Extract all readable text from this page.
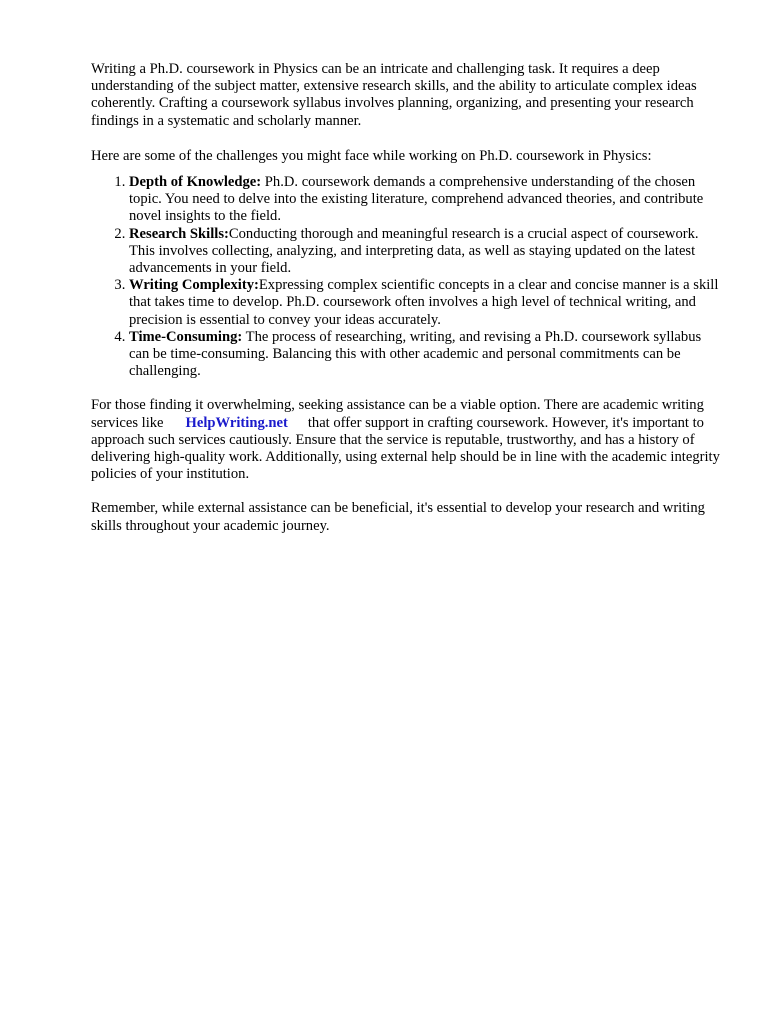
Writing a Ph.D. coursework in Physics can be an intricate and challenging task. It requires a deep understanding of the subject matter, extensive research skills, and the ability to articulate complex ideas coherently. Crafting a coursework syllabus involves planning, organizing, and presenting your research findings in a systematic and scholarly manner.

Here are some of the challenges you might face while working on Ph.D. coursework in Physics:

1. Depth of Knowledge: Ph.D. coursework demands a comprehensive understanding of the chosen topic. You need to delve into the existing literature, comprehend advanced theories, and contribute novel insights to the field.
2. Research Skills:Conducting thorough and meaningful research is a crucial aspect of coursework. This involves collecting, analyzing, and interpreting data, as well as staying updated on the latest advancements in your field.
3. Writing Complexity:Expressing complex scientific concepts in a clear and concise manner is a skill that takes time to develop. Ph.D. coursework often involves a high level of technical writing, and precision is essential to convey your ideas accurately.
4. Time-Consuming: The process of researching, writing, and revising a Ph.D. coursework syllabus can be time-consuming. Balancing this with other academic and personal commitments can be challenging.

For those finding it overwhelming, seeking assistance can be a viable option. There are academic writing services like HelpWriting.net that offer support in crafting coursework. However, it's important to approach such services cautiously. Ensure that the service is reputable, trustworthy, and has a history of delivering high-quality work. Additionally, using external help should be in line with the academic integrity policies of your institution.

Remember, while external assistance can be beneficial, it's essential to develop your research and writing skills throughout your academic journey.
